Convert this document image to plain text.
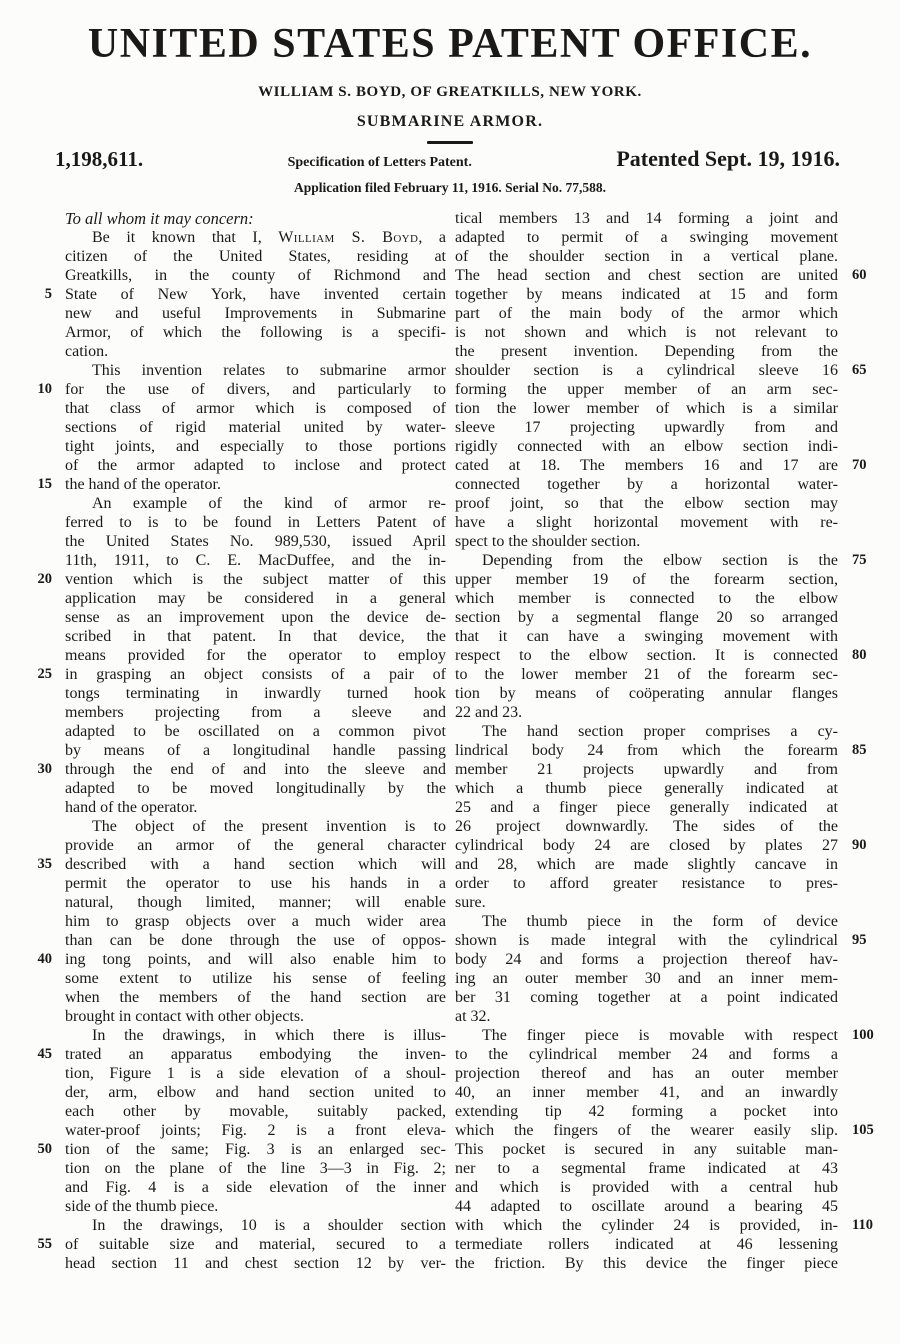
UNITED STATES PATENT OFFICE.
WILLIAM S. BOYD, OF GREATKILLS, NEW YORK.
SUBMARINE ARMOR.
1,198,611.	Specification of Letters Patent.	Patented Sept. 19, 1916.
Application filed February 11, 1916. Serial No. 77,588.
To all whom it may concern:
Be it known that I, William S. Boyd, a
citizen of the United States, residing at
Greatkills, in the county of Richmond and
State of New York, have invented certain
5
new and useful Improvements in Submarine
Armor, of which the following is a specifi-
cation.
This invention relates to submarine armor
for the use of divers, and particularly to
10
that class of armor which is composed of
sections of rigid material united by water-
tight joints, and especially to those portions
of the armor adapted to inclose and protect
the hand of the operator.
15
An example of the kind of armor re-
ferred to is to be found in Letters Patent of
the United States No. 989,530, issued April
11th, 1911, to C. E. MacDuffee, and the in-
vention which is the subject matter of this
20
application may be considered in a general
sense as an improvement upon the device de-
scribed in that patent. In that device, the
means provided for the operator to employ
in grasping an object consists of a pair of
25
tongs terminating in inwardly turned hook
members projecting from a sleeve and
adapted to be oscillated on a common pivot
by means of a longitudinal handle passing
through the end of and into the sleeve and
30
adapted to be moved longitudinally by the
hand of the operator.
The object of the present invention is to
provide an armor of the general character
described with a hand section which will
35
permit the operator to use his hands in a
natural, though limited, manner; will enable
him to grasp objects over a much wider area
than can be done through the use of oppos-
ing tong points, and will also enable him to
40
some extent to utilize his sense of feeling
when the members of the hand section are
brought in contact with other objects.
In the drawings, in which there is illus-
trated an apparatus embodying the inven-
45
tion, Figure 1 is a side elevation of a shoul-
der, arm, elbow and hand section united to
each other by movable, suitably packed,
water-proof joints; Fig. 2 is a front eleva-
tion of the same; Fig. 3 is an enlarged sec-
50
tion on the plane of the line 3—3 in Fig. 2;
and Fig. 4 is a side elevation of the inner
side of the thumb piece.
In the drawings, 10 is a shoulder section
of suitable size and material, secured to a
55
head section 11 and chest section 12 by ver-
tical members 13 and 14 forming a joint and
adapted to permit of a swinging movement
of the shoulder section in a vertical plane.
The head section and chest section are united 60
together by means indicated at 15 and form
part of the main body of the armor which
is not shown and which is not relevant to
the present invention. Depending from the
shoulder section is a cylindrical sleeve 16 65
forming the upper member of an arm sec-
tion the lower member of which is a similar
sleeve 17 projecting upwardly from and
rigidly connected with an elbow section indi-
cated at 18. The members 16 and 17 are 70
connected together by a horizontal water-
proof joint, so that the elbow section may
have a slight horizontal movement with re-
spect to the shoulder section.
Depending from the elbow section is the 75
upper member 19 of the forearm section,
which member is connected to the elbow
section by a segmental flange 20 so arranged
that it can have a swinging movement with
respect to the elbow section. It is connected 80
to the lower member 21 of the forearm sec-
tion by means of coöperating annular flanges
22 and 23.
The hand section proper comprises a cy-
lindrical body 24 from which the forearm 85
member 21 projects upwardly and from
which a thumb piece generally indicated at
25 and a finger piece generally indicated at
26 project downwardly. The sides of the
cylindrical body 24 are closed by plates 27 90
and 28, which are made slightly cancave in
order to afford greater resistance to pres-
sure.
The thumb piece in the form of device
shown is made integral with the cylindrical 95
body 24 and forms a projection thereof hav-
ing an outer member 30 and an inner mem-
ber 31 coming together at a point indicated
at 32.
The finger piece is movable with respect 100
to the cylindrical member 24 and forms a
projection thereof and has an outer member
40, an inner member 41, and an inwardly
extending tip 42 forming a pocket into
which the fingers of the wearer easily slip. 105
This pocket is secured in any suitable man-
ner to a segmental frame indicated at 43
and which is provided with a central hub
44 adapted to oscillate around a bearing 45
with which the cylinder 24 is provided, in- 110
termediate rollers indicated at 46 lessening
the friction. By this device the finger piece
